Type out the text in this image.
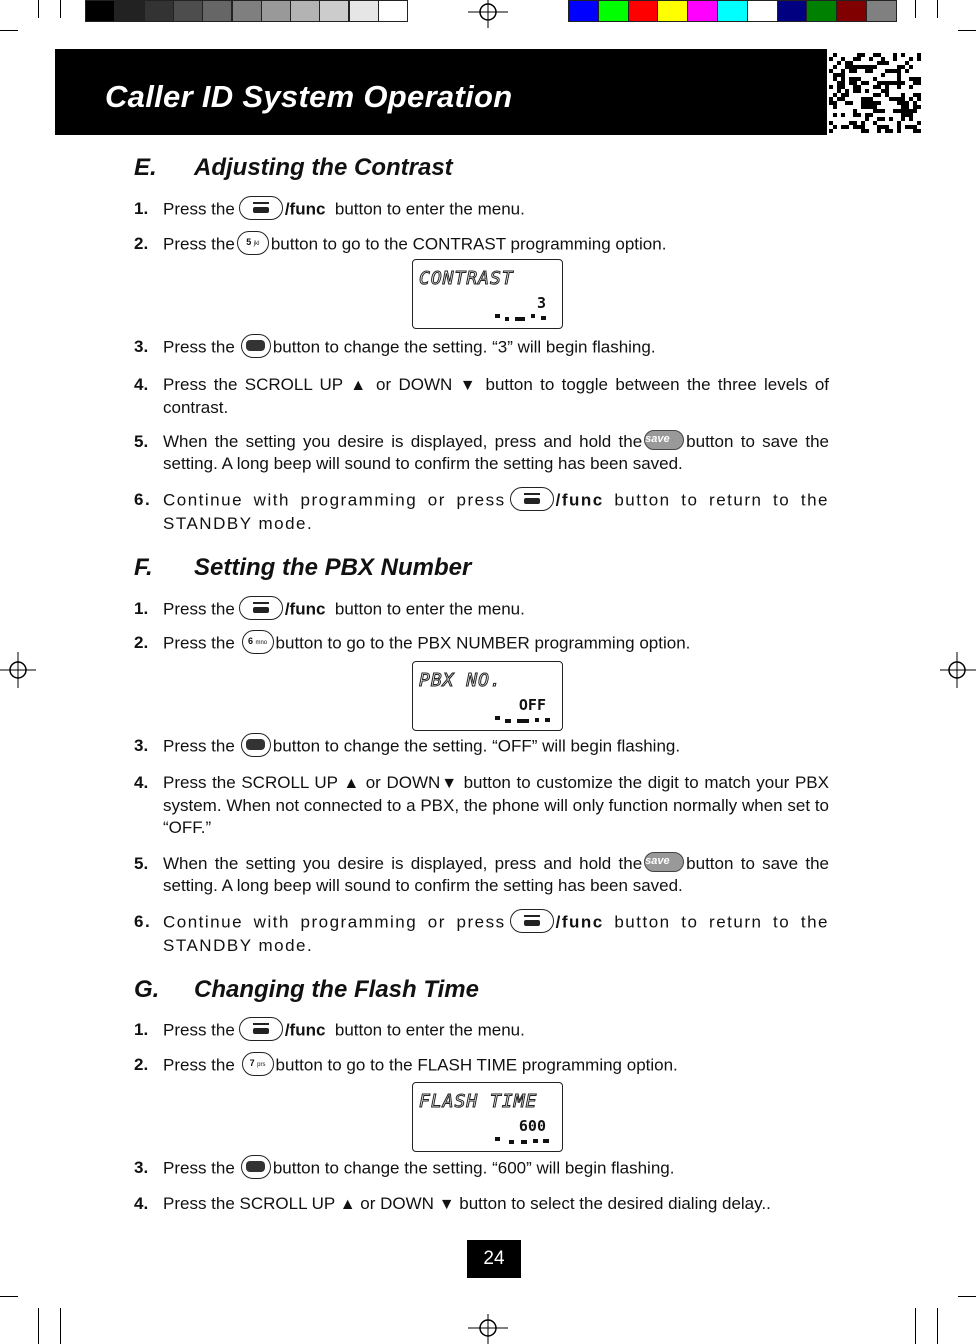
Caller ID System Operation
E. Adjusting the Contrast
1. Press the	/func button to enter the menu.
2. Press the 5 jkl button to go to the CONTRAST programming option.
CONTRAST
3
3. Press the button to change the setting. “3” will begin flashing.
4. Press the SCROLL UP ▲ or DOWN ▼ button to toggle between the three levels of contrast.
5. When the setting you desire is displayed, press and hold the save button to save the setting. A long beep will sound to confirm the setting has been saved.
6. Continue with programming or press	/func button to return to the STANDBY mode.
F. Setting the PBX Number
1. Press the	/func button to enter the menu.
2. Press the 6 mno button to go to the PBX NUMBER programming option.
PBX NO.
OFF
3. Press the button to change the setting. “OFF” will begin flashing.
4. Press the SCROLL UP ▲ or DOWN▼ button to customize the digit to match your PBX system. When not connected to a PBX, the phone will only function normally when set to “OFF.”
5. When the setting you desire is displayed, press and hold the save button to save the setting. A long beep will sound to confirm the setting has been saved.
6. Continue with programming or press	/func button to return to the STANDBY mode.
G. Changing the Flash Time
1. Press the	/func button to enter the menu.
2. Press the 7 prs button to go to the FLASH TIME programming option.
FLASH TIME
600
3. Press the button to change the setting. “600” will begin flashing.
4. Press the SCROLL UP ▲ or DOWN ▼ button to select the desired dialing delay..
24
